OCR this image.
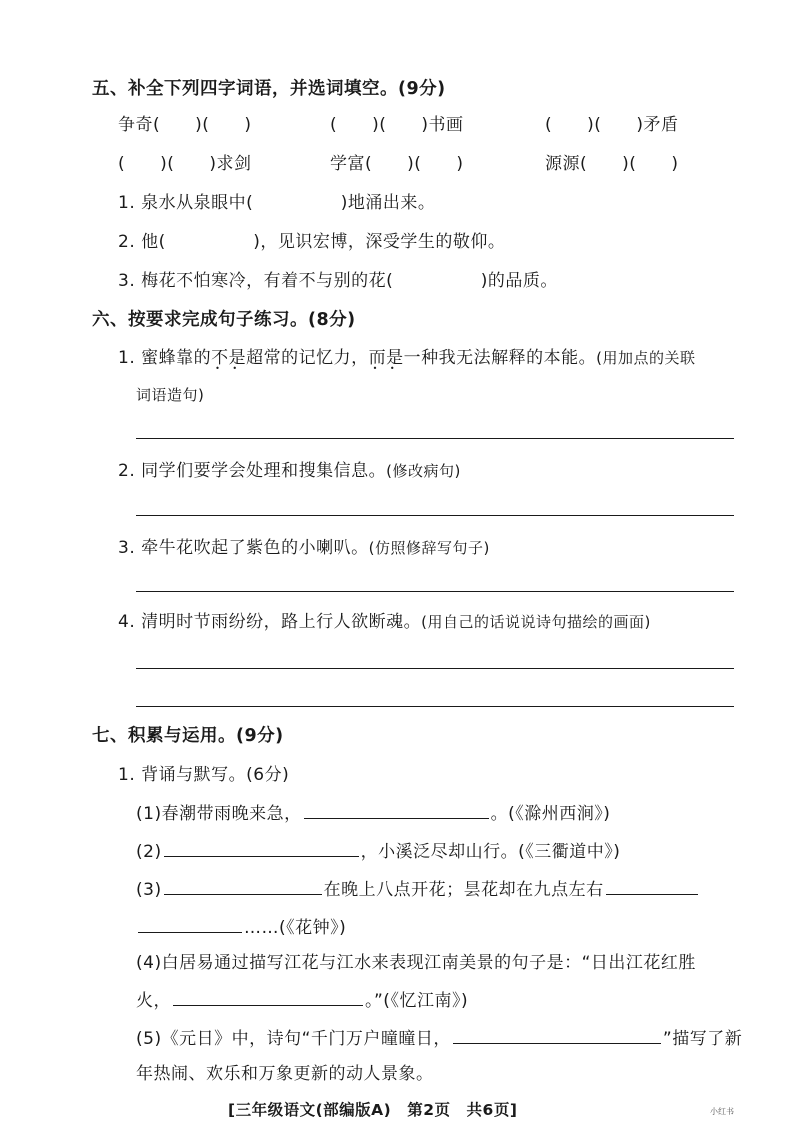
五、补全下列四字词语，并选词填空。(9分)
争奇(　　)(　　)	(　　)(　　)书画	(　　)(　　)矛盾
(　　)(　　)求剑	学富(　　)(　　)	源源(　　)(　　)
1. 泉水从泉眼中(　　　　　)地涌出来。
2. 他(　　　　　)，见识宏博，深受学生的敬仰。
3. 梅花不怕寒冷，有着不与别的花(　　　　　)的品质。
六、按要求完成句子练习。(8分)
1. 蜜蜂靠的不是 • •超常的记忆力，而是 • •一种我无法解释的本能。(用加点的关联
词语造句)
2. 同学们要学会处理和搜集信息。(修改病句)
3. 牵牛花吹起了紫色的小喇叭。(仿照修辞写句子)
4. 清明时节雨纷纷，路上行人欲断魂。(用自己的话说说诗句描绘的画面)
七、积累与运用。(9分)
1. 背诵与默写。(6分)
(1)春潮带雨晚来急，	。(《滁州西涧》)
(2)	，小溪泛尽却山行。(《三衢道中》)
(3)	在晚上八点开花；昙花却在九点左右
……(《花钟》)
(4)白居易通过描写江花与江水来表现江南美景的句子是：“日出江花红胜
火，	。”(《忆江南》)
(5)《元日》中，诗句“千门万户曈曈日，	”描写了新
年热闹、欢乐和万象更新的动人景象。
[三年级语文(部编版A)　第2页　共6页]	小红书
